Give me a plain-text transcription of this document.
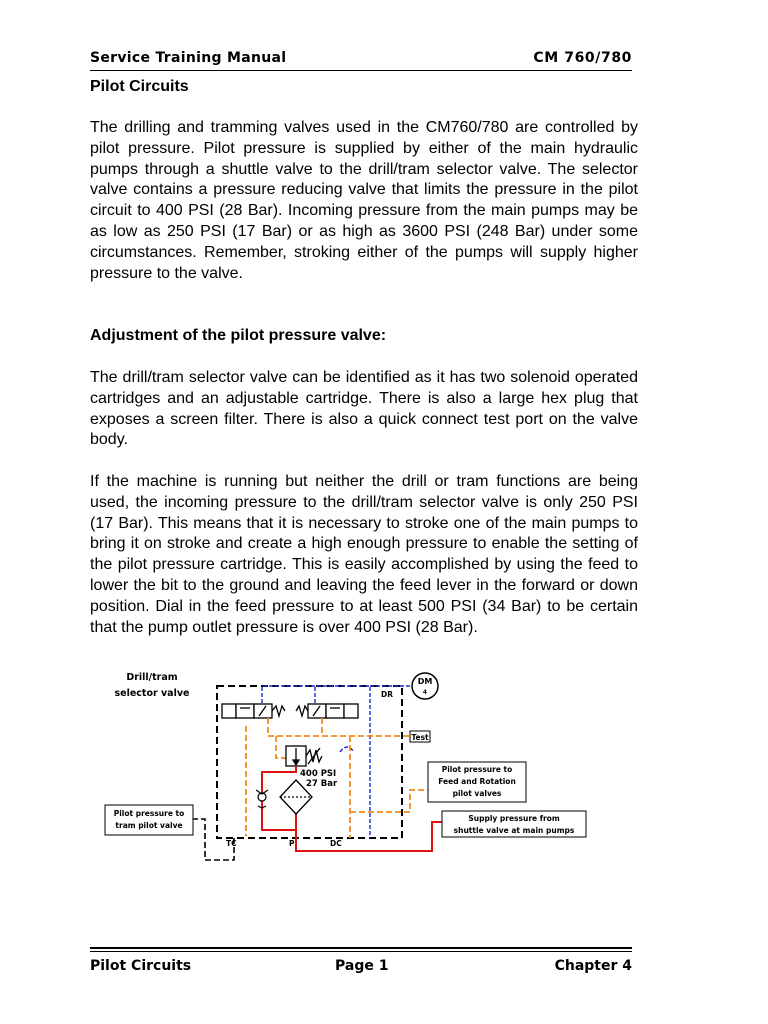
Service Training Manual	CM 760/780
Pilot Circuits

The drilling and tramming valves used in the CM760/780 are controlled by pilot pressure. Pilot pressure is supplied by either of the main hydraulic pumps through a shuttle valve to the drill/tram selector valve. The selector valve contains a pressure reducing valve that limits the pressure in the pilot circuit to 400 PSI (28 Bar). Incoming pressure from the main pumps may be as low as 250 PSI (17 Bar) or as high as 3600 PSI (248 Bar) under some circumstances. Remember, stroking either of the pumps will supply higher pressure to the valve.

Adjustment of the pilot pressure valve:

The drill/tram selector valve can be identified as it has two solenoid operated cartridges and an adjustable cartridge. There is also a large hex plug that exposes a screen filter. There is also a quick connect test port on the valve body.

If the machine is running but neither the drill or tram functions are being used, the incoming pressure to the drill/tram selector valve is only 250 PSI (17 Bar). This means that it is necessary to stroke one of the main pumps to bring it on stroke and create a high enough pressure to enable the setting of the pilot pressure cartridge. This is easily accomplished by using the feed to lower the bit to the ground and leaving the feed lever in the forward or down position. Dial in the feed pressure to at least 500 PSI (34 Bar) to be certain that the pump outlet pressure is over 400 PSI (28 Bar).

Drill/tram
selector valve
DM
4
DR
Test
400 PSI
27 Bar
TC	P	DC
Pilot pressure to
Feed and Rotation
pilot valves
Supply pressure from
shuttle valve at main pumps
Pilot pressure to
tram pilot valve
Pilot Circuits	Page 1	Chapter 4
